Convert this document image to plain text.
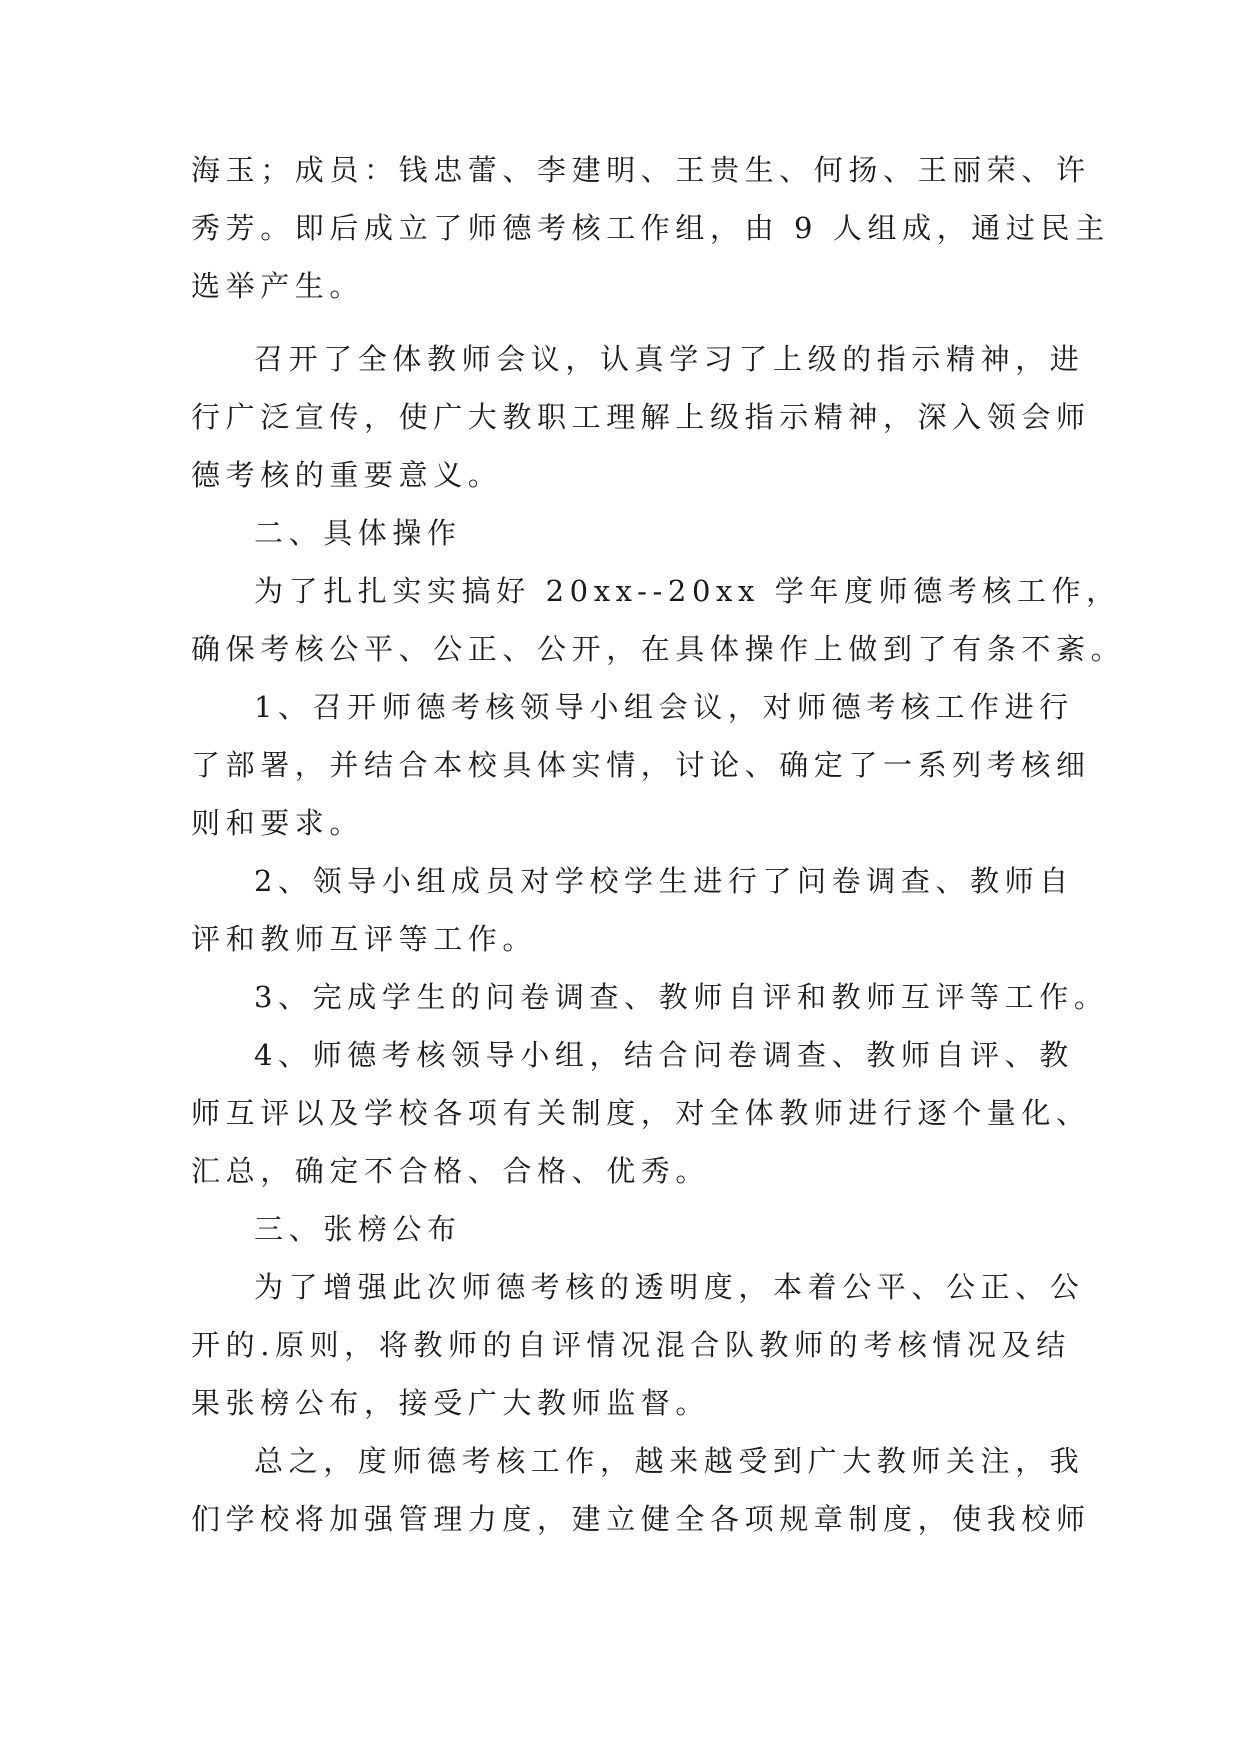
海玉；成员：钱忠蕾、李建明、王贵生、何扬、王丽荣、许
秀芳。即后成立了师德考核工作组，由 9 人组成，通过民主
选举产生。
召开了全体教师会议，认真学习了上级的指示精神，进
行广泛宣传，使广大教职工理解上级指示精神，深入领会师
德考核的重要意义。
二、具体操作
为了扎扎实实搞好 20xx--20xx 学年度师德考核工作，
确保考核公平、公正、公开，在具体操作上做到了有条不紊。
1、召开师德考核领导小组会议，对师德考核工作进行
了部署，并结合本校具体实情，讨论、确定了一系列考核细
则和要求。
2、领导小组成员对学校学生进行了问卷调查、教师自
评和教师互评等工作。
3、完成学生的问卷调查、教师自评和教师互评等工作。
4、师德考核领导小组，结合问卷调查、教师自评、教
师互评以及学校各项有关制度，对全体教师进行逐个量化、
汇总，确定不合格、合格、优秀。
三、张榜公布
为了增强此次师德考核的透明度，本着公平、公正、公
开的.原则，将教师的自评情况混合队教师的考核情况及结
果张榜公布，接受广大教师监督。
总之，度师德考核工作，越来越受到广大教师关注，我
们学校将加强管理力度，建立健全各项规章制度，使我校师
